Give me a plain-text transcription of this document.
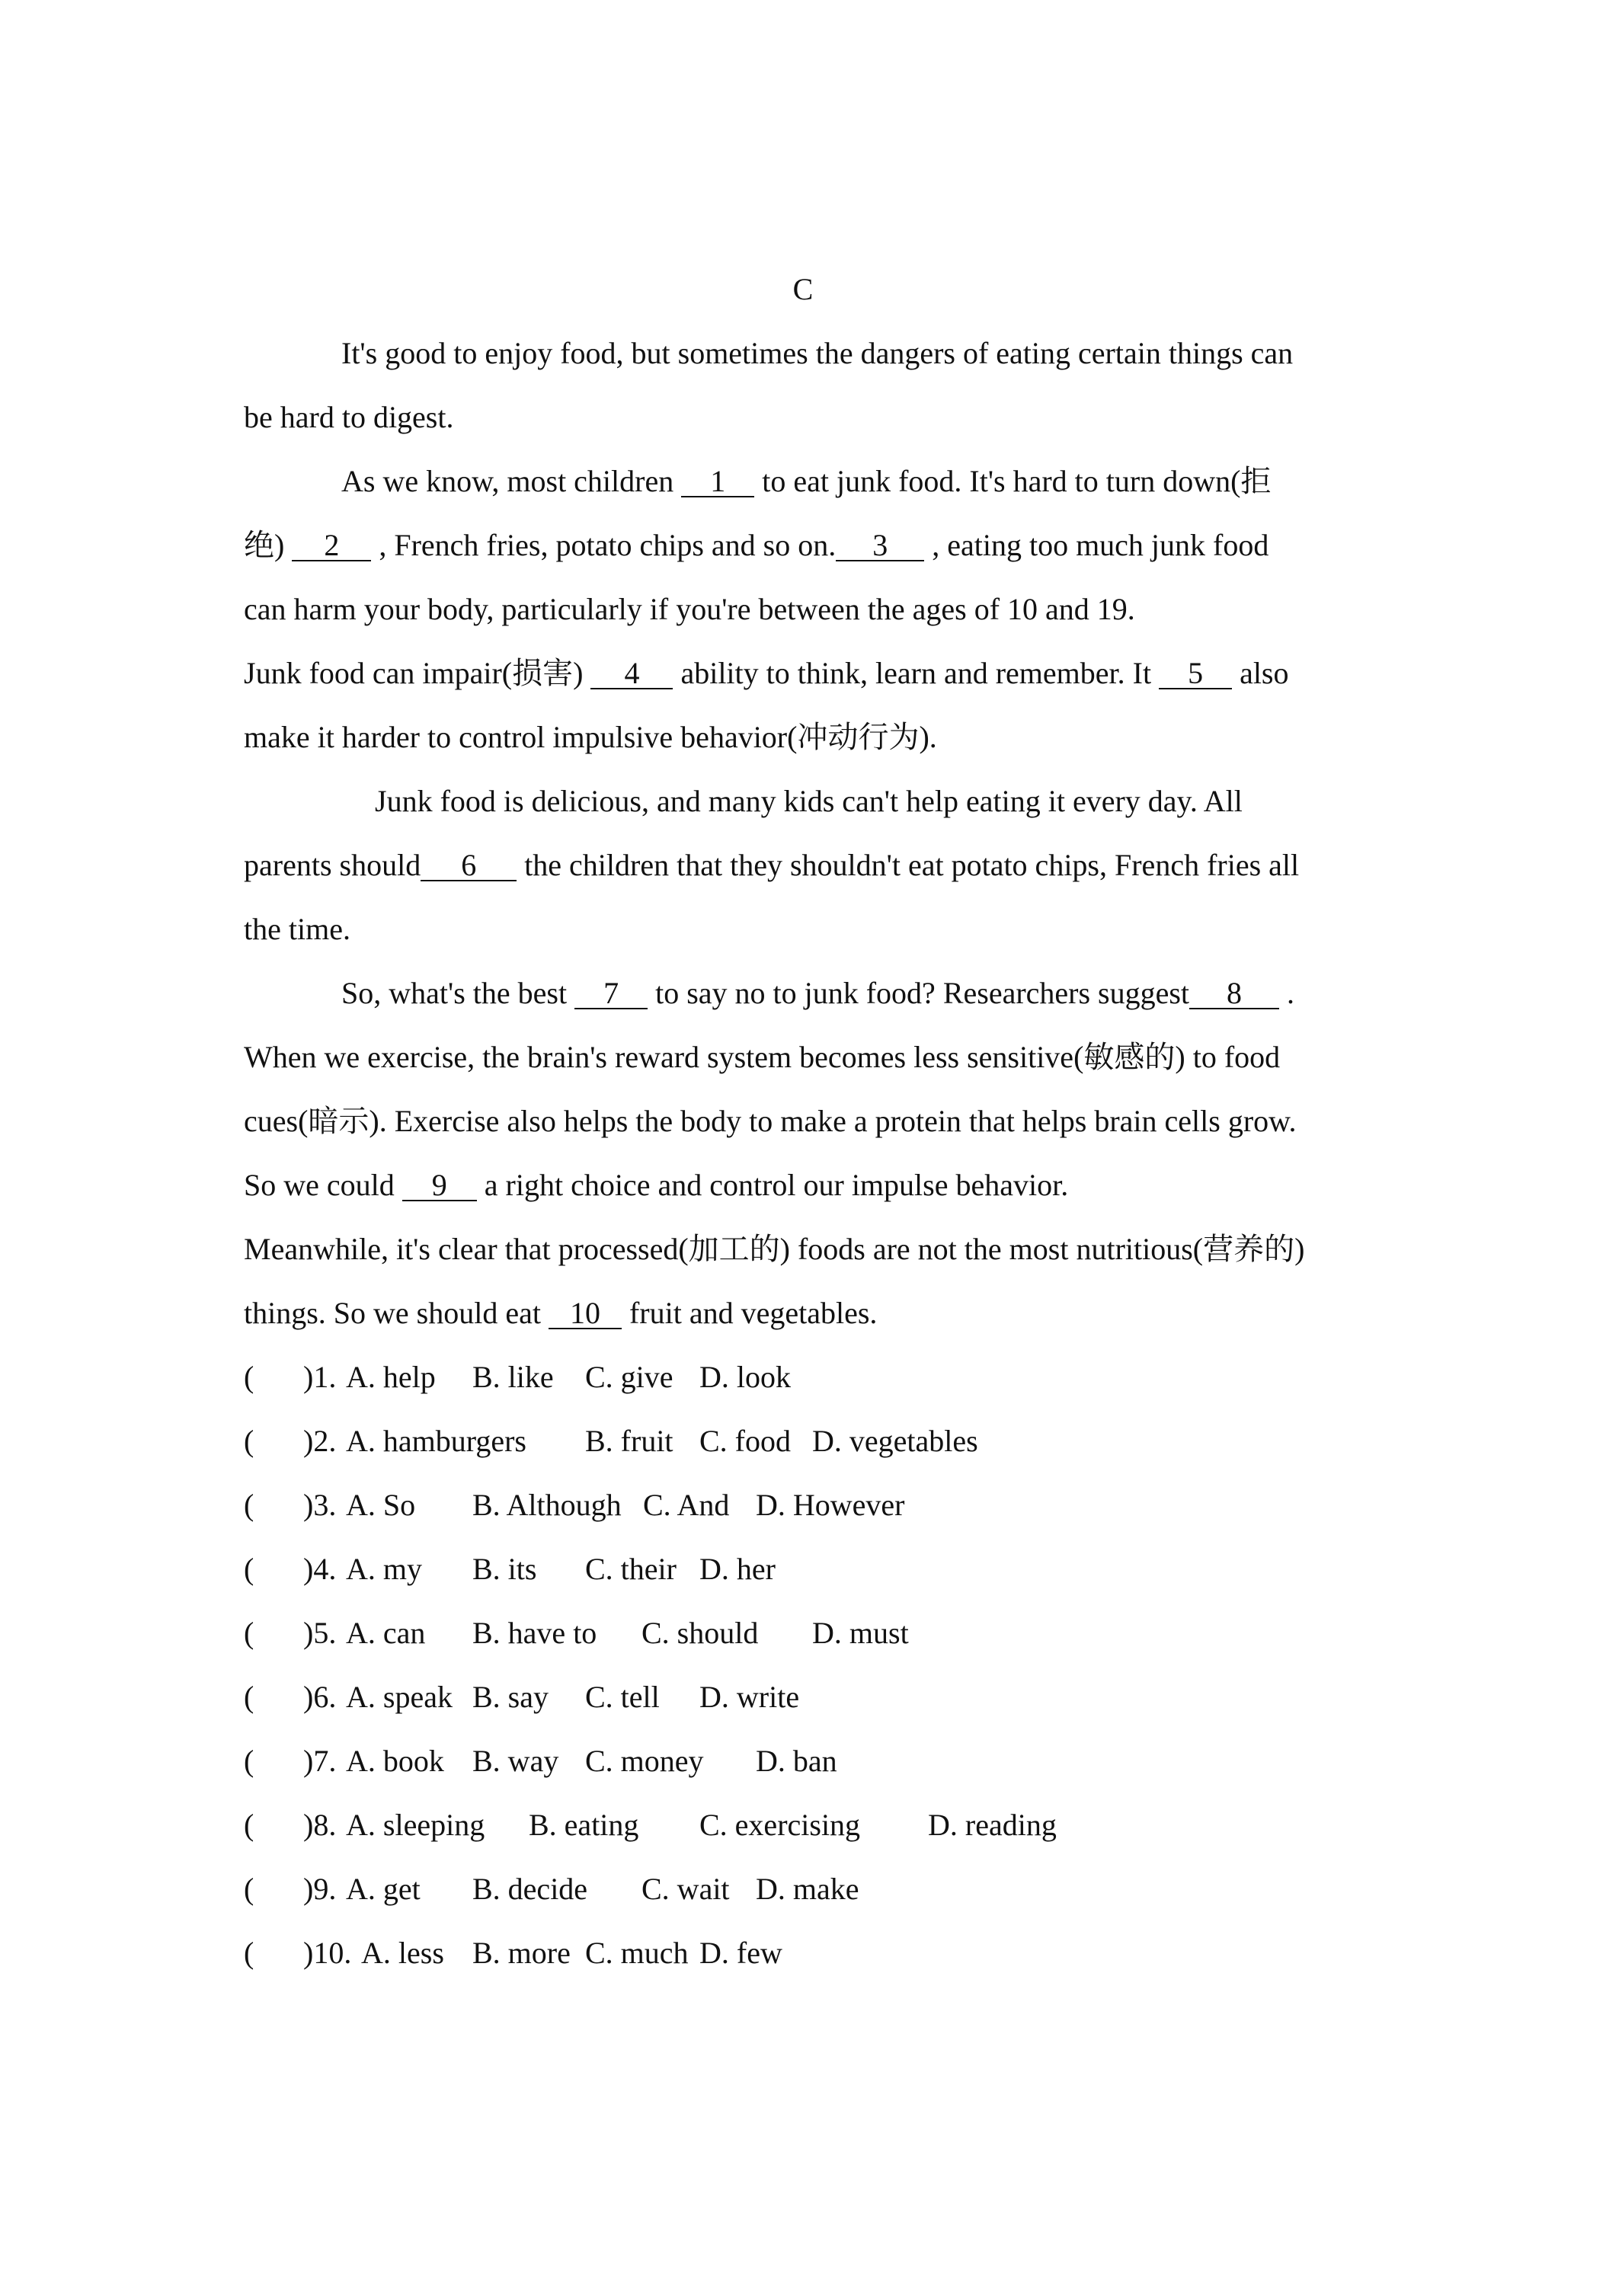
C
It's good to enjoy food, but sometimes the dangers of eating certain things can
be hard to digest.
As we know, most children 1 to eat junk food. It's hard to turn down(拒
绝) 2 , French fries, potato chips and so on. 3 , eating too much junk food
can harm your body, particularly if you're between the ages of 10 and 19.
Junk food can impair(损害) 4 ability to think, learn and remember. It 5 also
make it harder to control impulsive behavior(冲动行为).
Junk food is delicious, and many kids can't help eating it every day. All
parents should 6 the children that they shouldn't eat potato chips, French fries all
the time.
So, what's the best 7 to say no to junk food? Researchers suggest 8 .
When we exercise, the brain's reward system becomes less sensitive(敏感的) to food
cues(暗示). Exercise also helps the body to make a protein that helps brain cells grow.
So we could 9 a right choice and control our impulse behavior.
Meanwhile, it's clear that processed(加工的) foods are not the most nutritious(营养的)
things. So we should eat 10 fruit and vegetables.

(

)1.

A. help

B. like

C. give

D. look

(

)2.

A. hamburgers

B. fruit

C. food

D. vegetables

(

)3.

A. So

B. Although

C. And

D. However

(

)4.

A. my

B. its

C. their

D. her

(

)5.

A. can

B. have to

C. should

D. must

(

)6.

A. speak

B. say

C. tell

D. write

(

)7.

A. book

B. way

C. money

D. ban

(

)8.

A. sleeping

B. eating

C. exercising

D. reading

(

)9.

A. get

B. decide

C. wait

D. make

(

)10.

A. less

B. more

C. much

D. few
